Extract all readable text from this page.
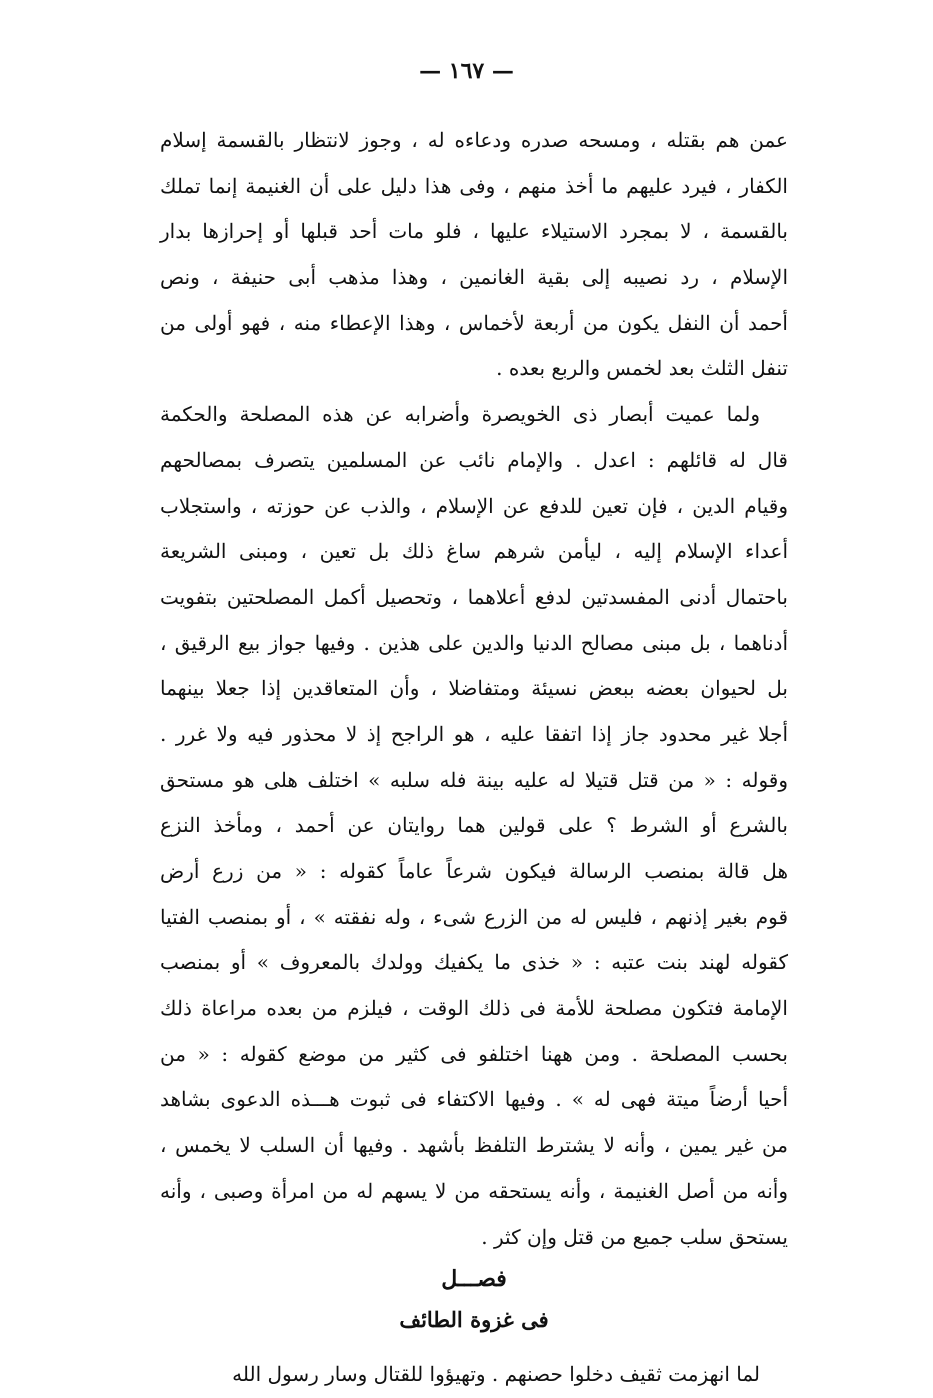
— ١٦٧ —
عمن هم بقتله ، ومسحه صدره ودعاءه له ، وجوز لانتظار بالقسمة إسلام
الكفار ، فيرد عليهم ما أخذ منهم ، وفى هذا دليل على أن الغنيمة إنما تملك
بالقسمة ، لا بمجرد الاستيلاء عليها ، فلو مات أحد قبلها أو إحرازها بدار
الإسلام ، رد نصيبه إلى بقية الغانمين ، وهذا مذهب أبى حنيفة ، ونص
أحمد أن النفل يكون من أربعة لأخماس ، وهذا الإعطاء منه ، فهو أولى من
تنفل الثلث بعد لخمس والربع بعده .
ولما عميت أبصار ذى الخويصرة وأضرابه عن هذه المصلحة والحكمة
قال له قائلهم : اعدل . والإمام نائب عن المسلمين يتصرف بمصالحهم
وقيام الدين ، فإن تعين للدفع عن الإسلام ، والذب عن حوزته ، واستجلاب
أعداء الإسلام إليه ، ليأمن شرهم ساغ ذلك بل تعين ، ومبنى الشريعة
باحتمال أدنى المفسدتين لدفع أعلاهما ، وتحصيل أكمل المصلحتين بتفويت
أدناهما ، بل مبنى مصالح الدنيا والدين على هذين . وفيها جواز بيع الرقيق ،
بل لحيوان بعضه ببعض نسيئة ومتفاضلا ، وأن المتعاقدين إذا جعلا بينهما
أجلا غير محدود جاز إذا اتفقا عليه ، هو الراجح إذ لا محذور فيه ولا غرر .
وقوله : « من قتل قتيلا له عليه بينة فله سلبه » اختلف هلى هو مستحق
بالشرع أو الشرط ؟ على قولين هما روايتان عن أحمد ، ومأخذ النزع
هل قالة بمنصب الرسالة فيكون شرعاً عاماً كقوله : « من زرع أرض
قوم بغير إذنهم ، فليس له من الزرع شىء ، وله نفقته » ، أو بمنصب الفتيا
كقوله لهند بنت عتبه : « خذى ما يكفيك وولدك بالمعروف » أو بمنصب
الإمامة فتكون مصلحة للأمة فى ذلك الوقت ، فيلزم من بعده مراعاة ذلك
بحسب المصلحة . ومن ههنا اختلفو فى كثير من موضع كقوله : « من
أحيا أرضاً ميتة فهى له » . وفيها الاكتفاء فى ثبوت هـــذه الدعوى بشاهد
من غير يمين ، وأنه لا يشترط التلفظ بأشهد . وفيها أن السلب لا يخمس ،
وأنه من أصل الغنيمة ، وأنه يستحقه من لا يسهم له من امرأة وصبى ، وأنه
يستحق سلب جميع من قتل وإن كثر .
فصـــل
فى غزوة الطائف
لما انهزمت ثقيف دخلوا حصنهم . وتهيؤوا للقتال وسار رسول الله
